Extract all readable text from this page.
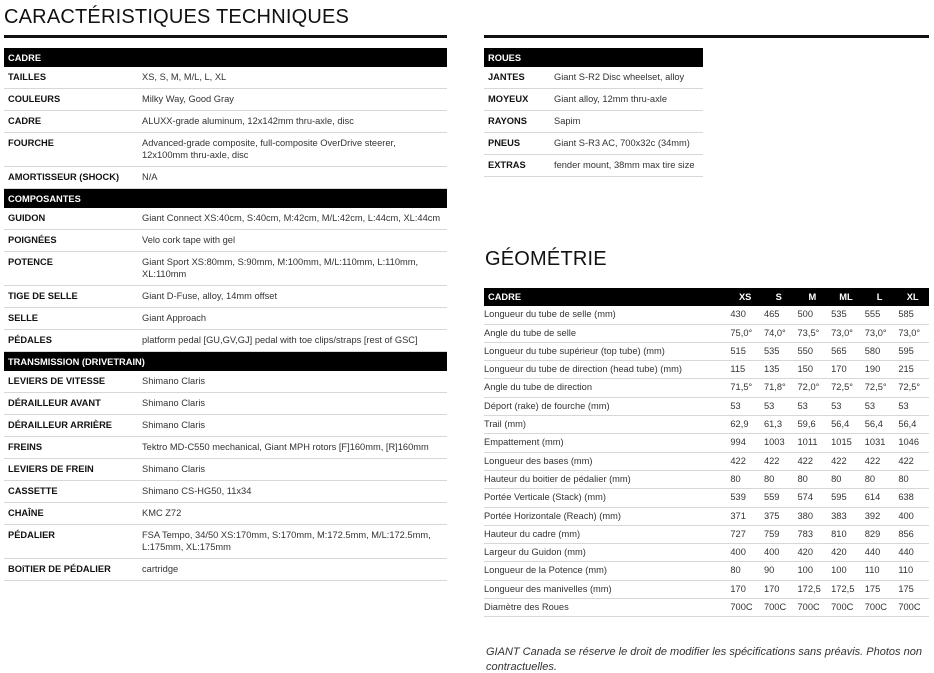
CARACTÉRISTIQUES TECHNIQUES
CADRE	
TAILLES	XS, S, M, M/L, L, XL
COULEURS	Milky Way, Good Gray
CADRE	ALUXX-grade aluminum, 12x142mm thru-axle, disc
FOURCHE	Advanced-grade composite, full-composite OverDrive steerer, 12x100mm thru-axle, disc
AMORTISSEUR (SHOCK)	N/A
COMPOSANTES	
GUIDON	Giant Connect XS:40cm, S:40cm, M:42cm, M/L:42cm, L:44cm, XL:44cm
POIGNÉES	Velo cork tape with gel
POTENCE	Giant Sport XS:80mm, S:90mm, M:100mm, M/L:110mm, L:110mm, XL:110mm
TIGE DE SELLE	Giant D-Fuse, alloy, 14mm offset
SELLE	Giant Approach
PÉDALES	platform pedal [GU,GV,GJ] pedal with toe clips/straps [rest of GSC]
TRANSMISSION (DRIVETRAIN)	
LEVIERS DE VITESSE	Shimano Claris
DÉRAILLEUR AVANT	Shimano Claris
DÉRAILLEUR ARRIÈRE	Shimano Claris
FREINS	Tektro MD-C550 mechanical, Giant MPH rotors [F]160mm, [R]160mm
LEVIERS DE FREIN	Shimano Claris
CASSETTE	Shimano CS-HG50, 11x34
CHAÎNE	KMC Z72
PÉDALIER	FSA Tempo, 34/50 XS:170mm, S:170mm, M:172.5mm, M/L:172.5mm, L:175mm, XL:175mm
BOîTIER DE PÉDALIER	cartridge
ROUES	
JANTES	Giant S-R2 Disc wheelset, alloy
MOYEUX	Giant alloy, 12mm thru-axle
RAYONS	Sapim
PNEUS	Giant S-R3 AC, 700x32c (34mm)
EXTRAS	fender mount, 38mm max tire size
GÉOMÉTRIE
CADRE	XS	S	M	ML	L	XL
Longueur du tube de selle (mm)	430	465	500	535	555	585
Angle du tube de selle	75,0°	74,0°	73,5°	73,0°	73,0°	73,0°
Longueur du tube supérieur (top tube) (mm)	515	535	550	565	580	595
Longueur du tube de direction (head tube) (mm)	115	135	150	170	190	215
Angle du tube de direction	71,5°	71,8°	72,0°	72,5°	72,5°	72,5°
Déport (rake) de fourche (mm)	53	53	53	53	53	53
Trail (mm)	62,9	61,3	59,6	56,4	56,4	56,4
Empattement (mm)	994	1003	1011	1015	1031	1046
Longueur des bases (mm)	422	422	422	422	422	422
Hauteur du boitier de pédalier (mm)	80	80	80	80	80	80
Portée Verticale (Stack) (mm)	539	559	574	595	614	638
Portée Horizontale (Reach) (mm)	371	375	380	383	392	400
Hauteur du cadre (mm)	727	759	783	810	829	856
Largeur du Guidon (mm)	400	400	420	420	440	440
Longueur de la Potence (mm)	80	90	100	100	110	110
Longueur des manivelles (mm)	170	170	172,5	172,5	175	175
Diamètre des Roues	700C	700C	700C	700C	700C	700C
GIANT Canada se réserve le droit de modifier les spécifications sans préavis. Photos non contractuelles.
